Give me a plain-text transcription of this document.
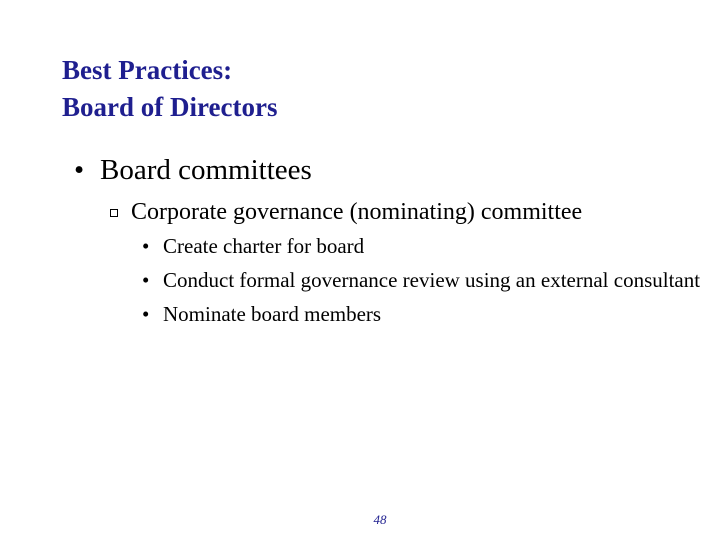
Best Practices:
Board of Directors
• Board committees
Corporate governance (nominating) committee
• Create charter for board
• Conduct formal governance review using an external consultant
• Nominate board members
48
